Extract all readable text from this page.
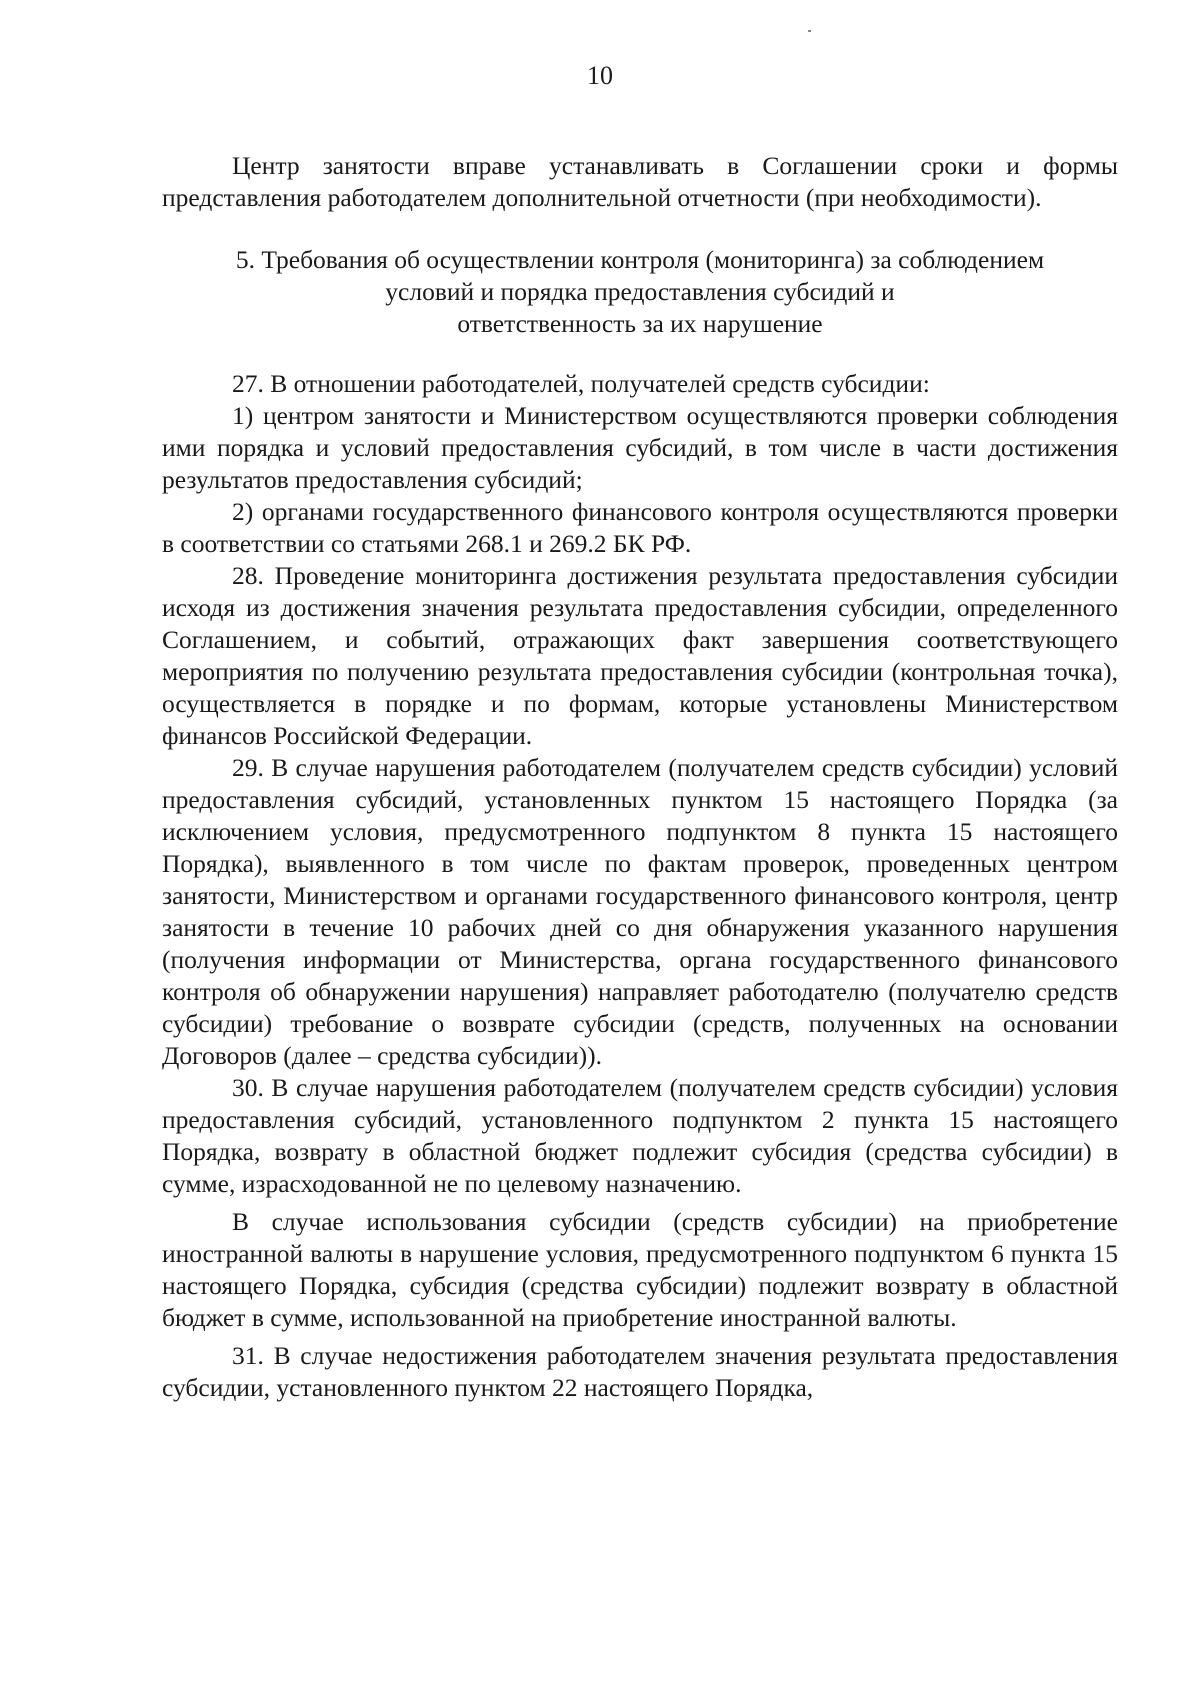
10

Центр занятости вправе устанавливать в Соглашении сроки и формы представления работодателем дополнительной отчетности (при необходимости).

5. Требования об осуществлении контроля (мониторинга) за соблюдением
условий и порядка предоставления субсидий и
ответственность за их нарушение

27. В отношении работодателей, получателей средств субсидии:

1) центром занятости и Министерством осуществляются проверки соблюдения ими порядка и условий предоставления субсидий, в том числе в части достижения результатов предоставления субсидий;

2) органами государственного финансового контроля осуществляются проверки в соответствии со статьями 268.1 и 269.2 БК РФ.

28. Проведение мониторинга достижения результата предоставления субсидии исходя из достижения значения результата предоставления субсидии, определенного Соглашением, и событий, отражающих факт завершения соответствующего мероприятия по получению результата предоставления субсидии (контрольная точка), осуществляется в порядке и по формам, которые установлены Министерством финансов Российской Федерации.

29. В случае нарушения работодателем (получателем средств субсидии) условий предоставления субсидий, установленных пунктом 15 настоящего Порядка (за исключением условия, предусмотренного подпунктом 8 пункта 15 настоящего Порядка), выявленного в том числе по фактам проверок, проведенных центром занятости, Министерством и органами государственного финансового контроля, центр занятости в течение 10 рабочих дней со дня обнаружения указанного нарушения (получения информации от Министерства, органа государственного финансового контроля об обнаружении нарушения) направляет работодателю (получателю средств субсидии) требование о возврате субсидии (средств, полученных на основании Договоров (далее – средства субсидии)).

30. В случае нарушения работодателем (получателем средств субсидии) условия предоставления субсидий, установленного подпунктом 2 пункта 15 настоящего Порядка, возврату в областной бюджет подлежит субсидия (средства субсидии) в сумме, израсходованной не по целевому назначению.

В случае использования субсидии (средств субсидии) на приобретение иностранной валюты в нарушение условия, предусмотренного подпунктом 6 пункта 15 настоящего Порядка, субсидия (средства субсидии) подлежит возврату в областной бюджет в сумме, использованной на приобретение иностранной валюты.

31. В случае недостижения работодателем значения результата предоставления субсидии, установленного пунктом 22 настоящего Порядка,
